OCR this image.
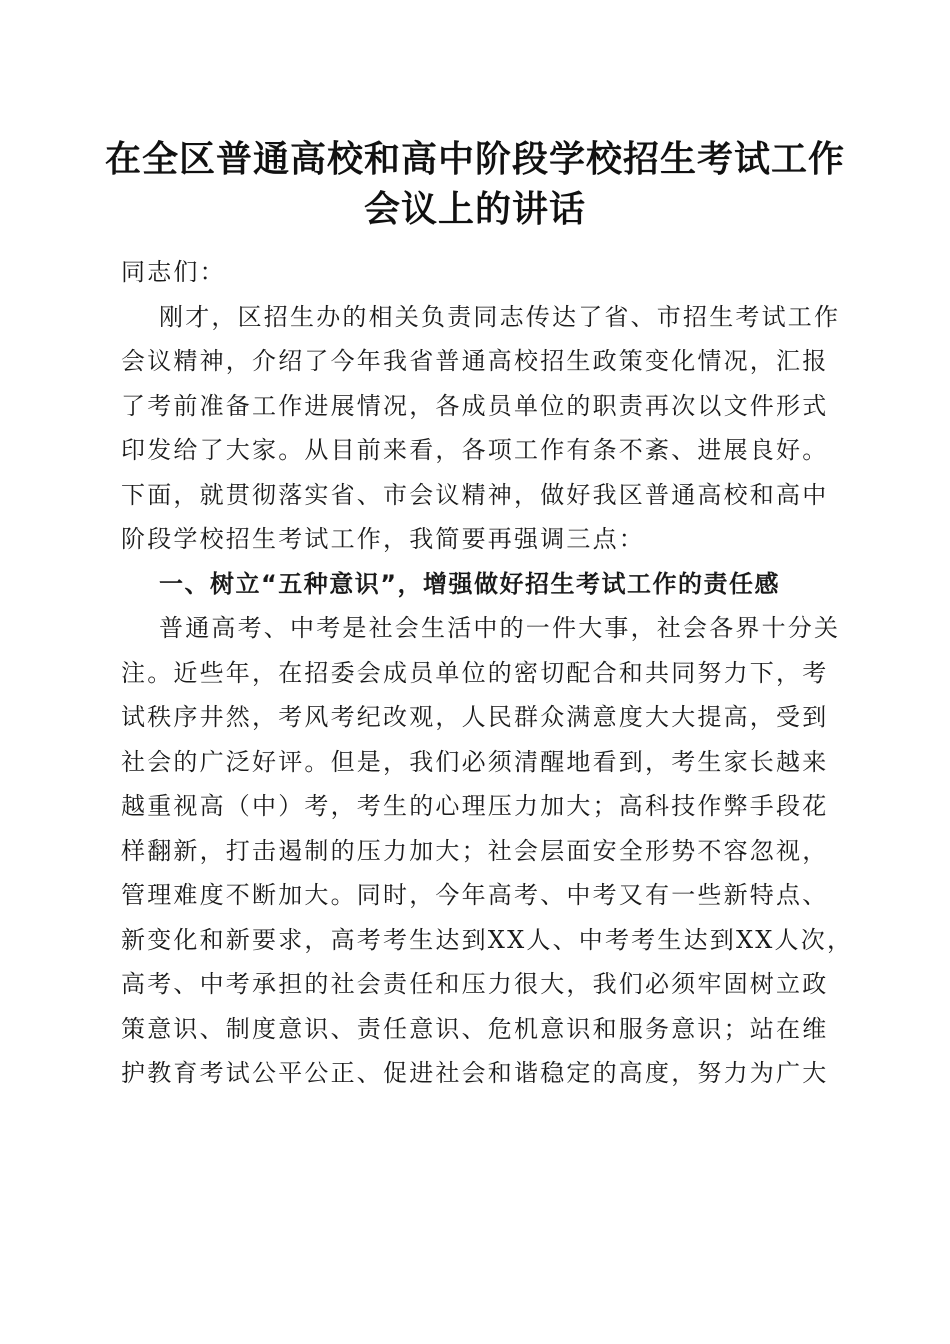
在全区普通高校和高中阶段学校招生考试工作
会议上的讲话
同志们：
刚才，区招生办的相关负责同志传达了省、市招生考试工作
会议精神，介绍了今年我省普通高校招生政策变化情况，汇报
了考前准备工作进展情况，各成员单位的职责再次以文件形式
印发给了大家。从目前来看，各项工作有条不紊、进展良好。
下面，就贯彻落实省、市会议精神，做好我区普通高校和高中
阶段学校招生考试工作，我简要再强调三点：
一、树立“五种意识”，增强做好招生考试工作的责任感
普通高考、中考是社会生活中的一件大事，社会各界十分关
注。近些年，在招委会成员单位的密切配合和共同努力下，考
试秩序井然，考风考纪改观，人民群众满意度大大提高，受到
社会的广泛好评。但是，我们必须清醒地看到，考生家长越来
越重视高（中）考，考生的心理压力加大；高科技作弊手段花
样翻新，打击遏制的压力加大；社会层面安全形势不容忽视，
管理难度不断加大。同时，今年高考、中考又有一些新特点、
新变化和新要求，高考考生达到XX人、中考考生达到XX人次，
高考、中考承担的社会责任和压力很大，我们必须牢固树立政
策意识、制度意识、责任意识、危机意识和服务意识；站在维
护教育考试公平公正、促进社会和谐稳定的高度，努力为广大
